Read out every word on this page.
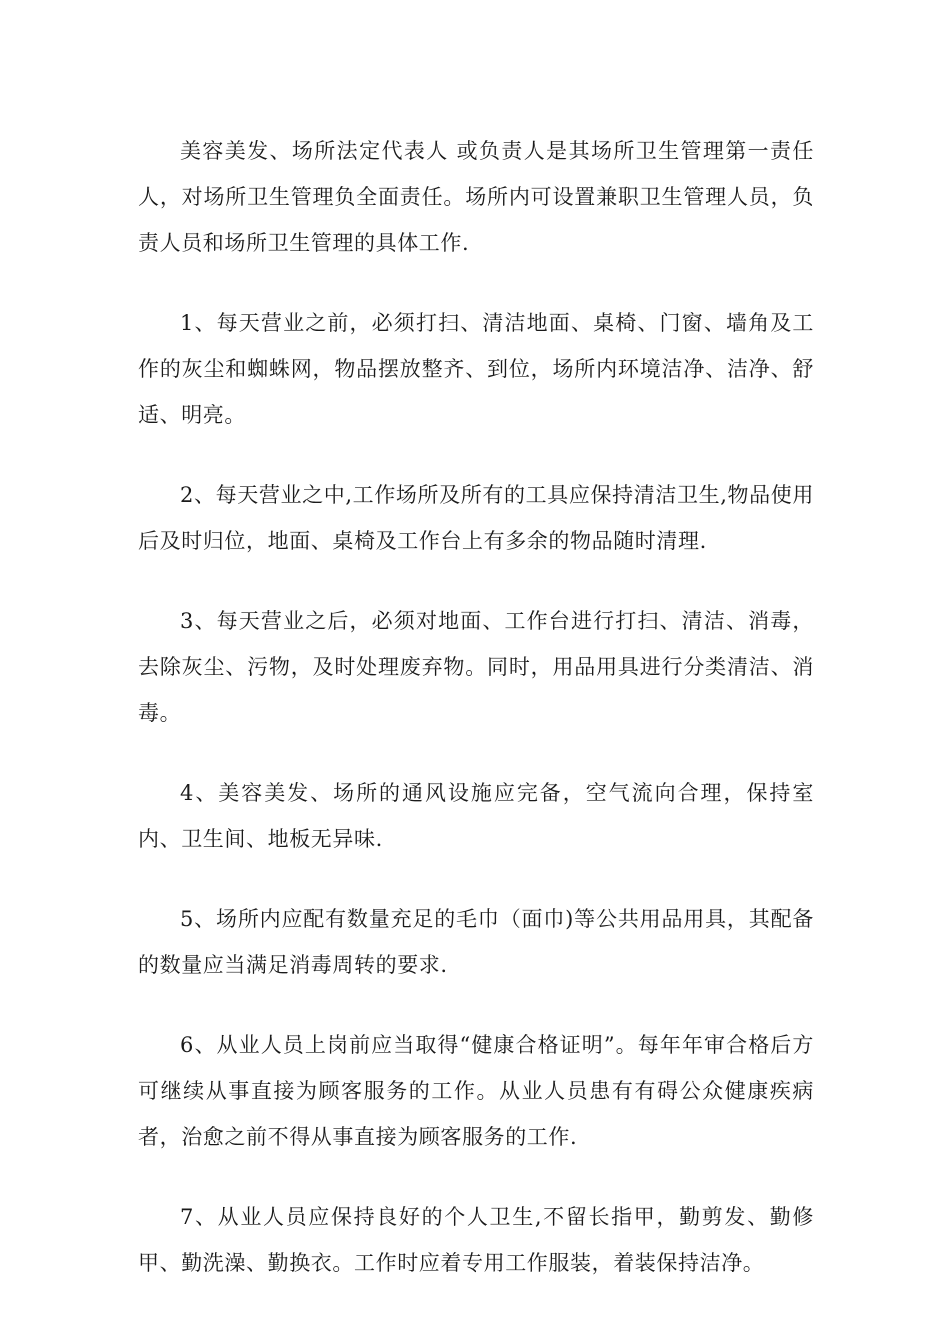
美容美发、场所法定代表人 或负责人是其场所卫生管理第一责任人，对场所卫生管理负全面责任。场所内可设置兼职卫生管理人员，负责人员和场所卫生管理的具体工作.

1、每天营业之前，必须打扫、清洁地面、桌椅、门窗、墙角及工作的灰尘和蜘蛛网，物品摆放整齐、到位，场所内环境洁净、洁净、舒适、明亮。

2、每天营业之中,工作场所及所有的工具应保持清洁卫生,物品使用后及时归位，地面、桌椅及工作台上有多余的物品随时清理.

3、每天营业之后，必须对地面、工作台进行打扫、清洁、消毒，去除灰尘、污物，及时处理废弃物。同时，用品用具进行分类清洁、消毒。

4、美容美发、场所的通风设施应完备，空气流向合理，保持室内、卫生间、地板无异味.

5、场所内应配有数量充足的毛巾（面巾)等公共用品用具，其配备的数量应当满足消毒周转的要求.

6、从业人员上岗前应当取得“健康合格证明”。每年年审合格后方可继续从事直接为顾客服务的工作。从业人员患有有碍公众健康疾病者，治愈之前不得从事直接为顾客服务的工作.

7、从业人员应保持良好的个人卫生,不留长指甲，勤剪发、勤修甲、勤洗澡、勤换衣。工作时应着专用工作服装，着装保持洁净。
